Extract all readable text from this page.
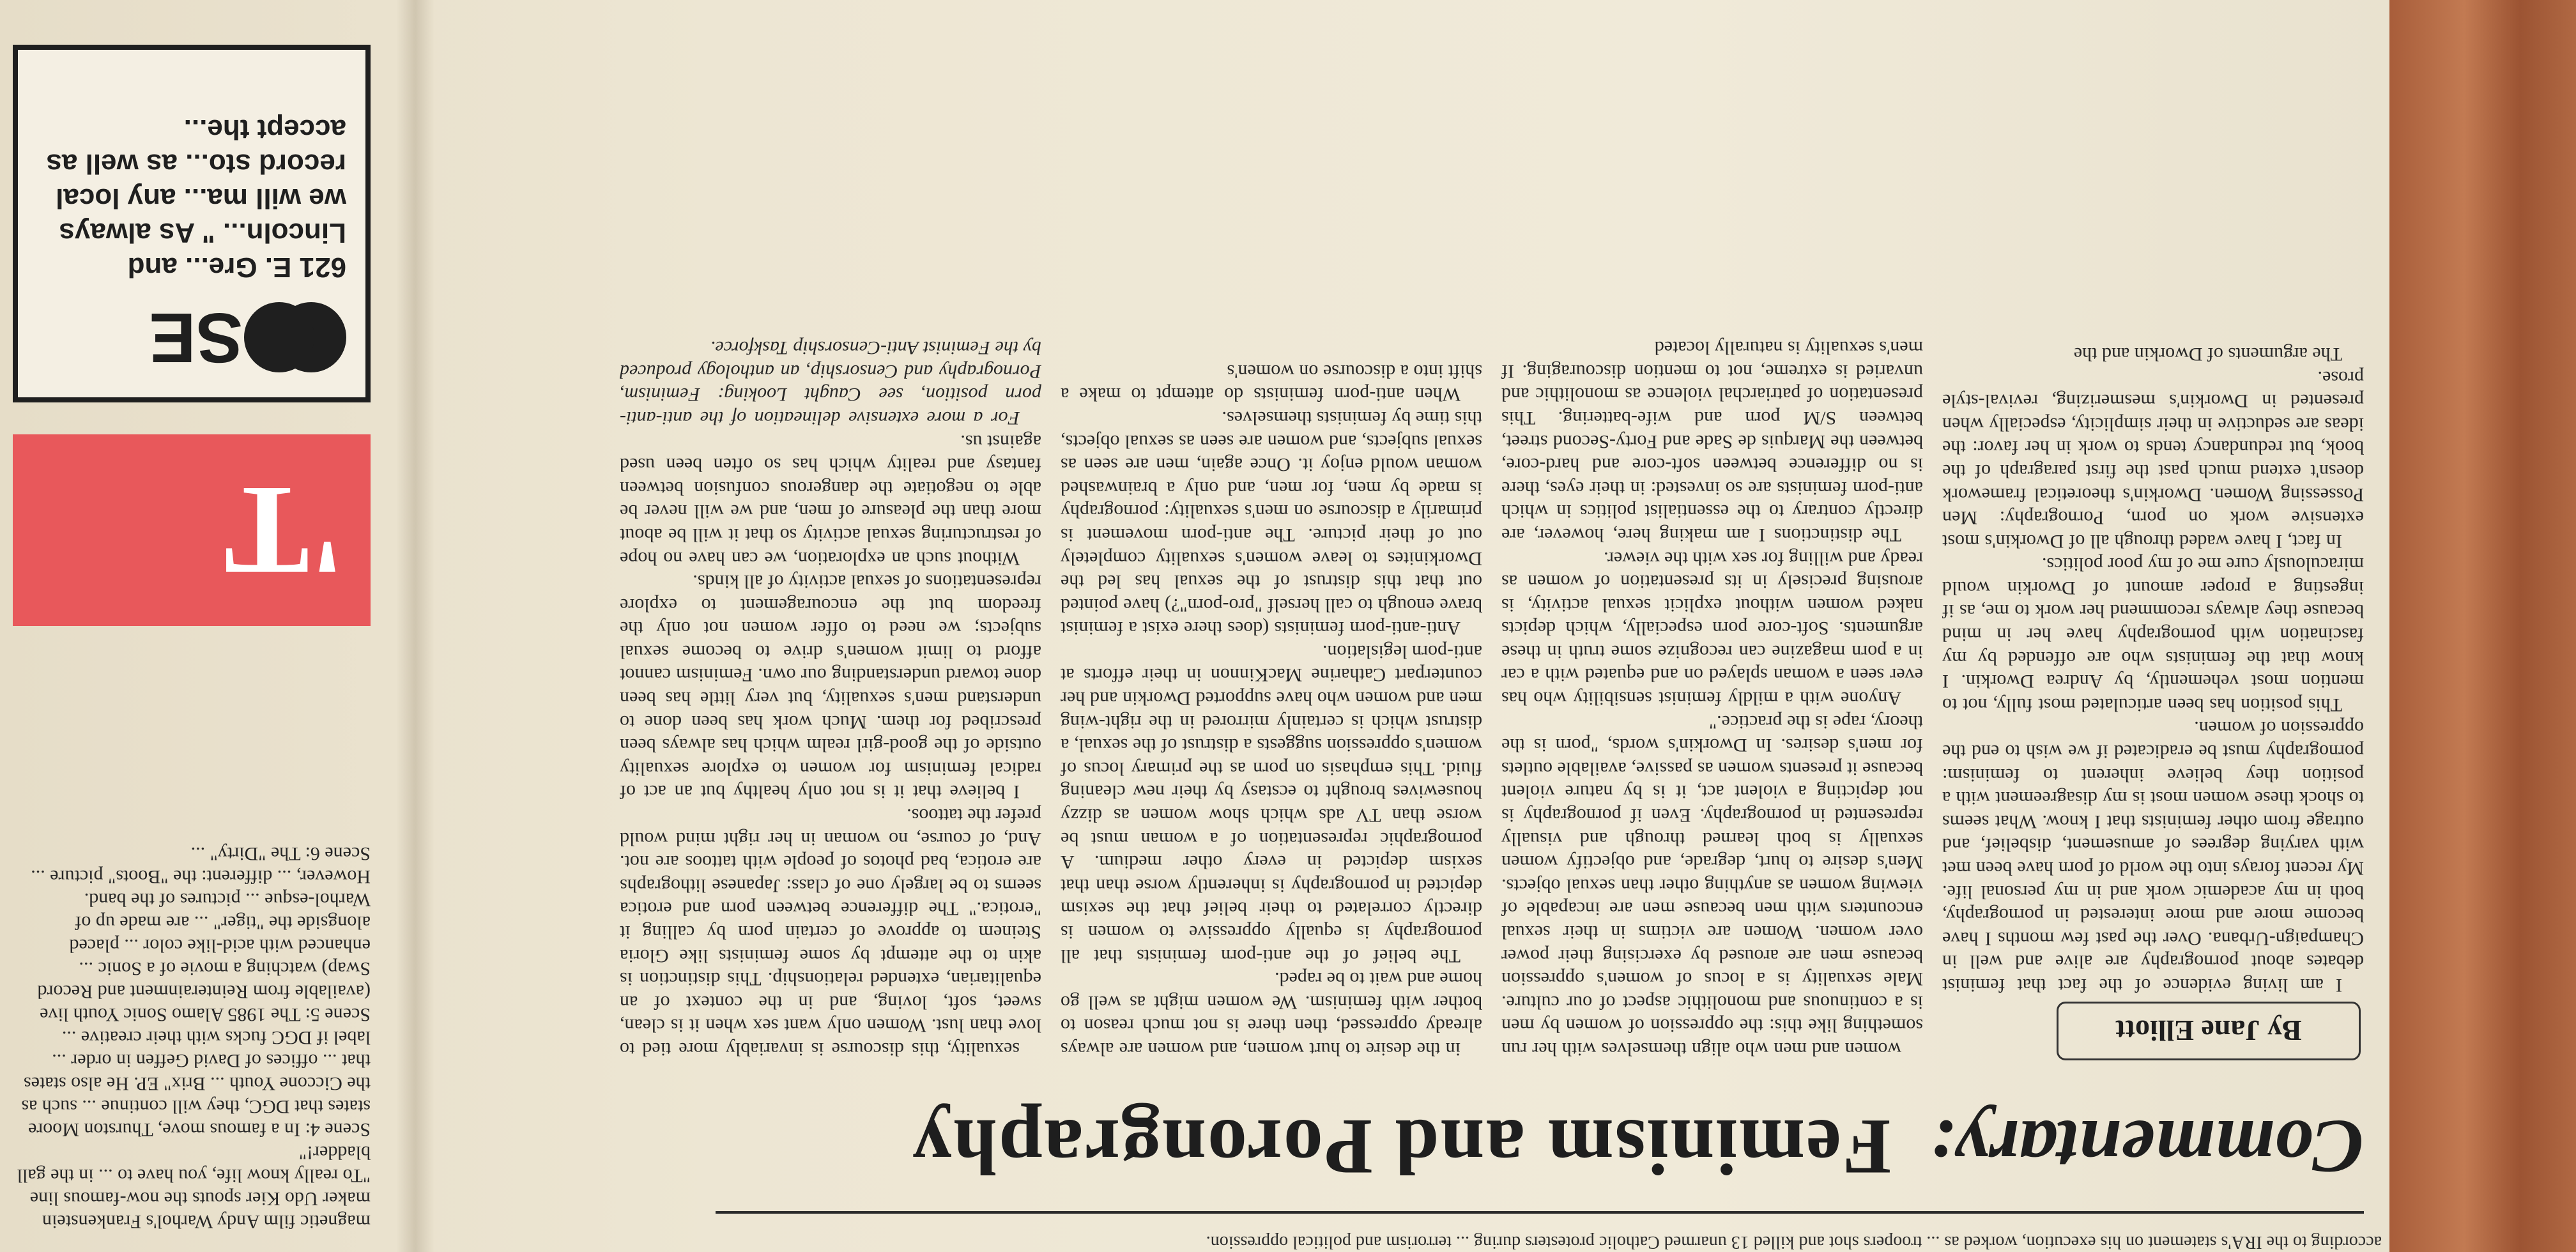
according to the IRA's statement on his execution, worked as ... troopers shot and killed 13 unarmed Catholic protesters during ... terrorism and political oppression.
Commentary:
Feminism and Porongraphy
By Jane Elliott

I am living evidence of the fact that feminist debates about pornography are alive and well in Champaign-Urbana. Over the past few months I have become more and more interested in pornography, both in my academic work and in my personal life. My recent forays into the world of porn have been met with varying degrees of amusement, disbelief, and outrage from other feminists that I know. What seems to shock these women most is my disagreement with a position they believe inherent to feminism: pornography must be eradicated if we wish to end the oppression of women.

This position has been articulated most fully, not to mention most vehemently, by Andrea Dworkin. I know that the feminists who are offended by my fascination with pornography have her in mind because they always recommend her work to me, as if ingesting a proper amount of Dworkin would miraculously cure me of my poor politics.

In fact, I have waded through all of Dworkin's most extensive work on porn, Pornography: Men Possessing Women. Dworkin's theoretical framework doesn't extend much past the first paragraph of the book, but redundancy tends to work in her favor: the ideas are seductive in their simplicity, especially when presented in Dworkin's mesmerizing, revival-style prose.

The arguments of Dworkin and the

women and men who align themselves with her run something like this: the oppression of women by men is a continuous and monolithic aspect of our culture. Male sexuality is a locus of women's oppression because men are aroused by exercising their power over women. Women are victims in their sexual encounters with men because men are incapable of viewing women as anything other than sexual objects. Men's desire to hurt, degrade, and objectify women sexually is both learned through and visually represented in pornography. Even if pornography is not depicting a violent act, it is by nature violent because it presents women as passive, available outlets for men's desires. In Dworkin's words, "porn is the theory, rape is the practice."

Anyone with a mildly feminist sensibility who has ever seen a woman splayed on and equated with a car in a porn magazine can recognize some truth in these arguments. Soft-core porn especially, which depicts naked women without explicit sexual activity, is arousing precisely in its presentation of women as ready and willing for sex with the viewer.

The distinctions I am making here, however, are directly contrary to the essentialist politics in which anti-porn feminists are so invested: in their eyes, there is no difference between soft-core and hard-core, between the Marquis de Sade and Forty-Second street, between S/M porn and wife-battering. This presentation of patriarchal violence as monolithic and unvaried is extreme, not to mention discouraging. If men's sexuality is naturally located

in the desire to hurt women, and women are always already oppressed, then there is not much reason to bother with feminism. We women might as well go home and wait to be raped.

The belief of the anti-porn feminists that all pornography is equally oppressive to women is directly correlated to their belief that the sexism depicted in pornography is inherently worse than that sexism depicted in every other medium. A pornographic representation of a woman must be worse than TV ads which show women as dizzy housewives brought to ecstasy by their new cleaning fluid. This emphasis on porn as the primary locus of women's oppression suggests a distrust of the sexual, a distrust which is certainly mirrored in the right-wing men and women who have supported Dworkin and her counterpart Catharine MacKinnon in their efforts at anti-porn legislation.

Anti-anti-porn feminists (does there exist a feminist brave enough to call herself "pro-porn"?) have pointed out that this distrust of the sexual has led the Dworkinites to leave women's sexuality completely out of their picture. The anti-porn movement is primarily a discourse on men's sexuality: pornography is made by men, for men, and only a brainwashed woman would enjoy it. Once again, men are seen as sexual subjects, and women are seen as sexual objects, this time by feminists themselves.

When anti-porn feminists do attempt to make a shift into a discourse on women's

sexuality, this discourse is invariably more tied to love than lust. Women only want sex when it is clean, sweet, soft, loving, and in the context of an equalitarian, extended relationship. This distinction is akin to the attempt by some feminists like Gloria Steinem to approve of certain porn by calling it "erotica." The difference between porn and erotica seems to be largely one of class: Japanese lithographs are erotica, bad photos of people with tattoos are not. And, of course, no woman in her right mind would prefer the tattoos.

I believe that it is not only healthy but an act of radical feminism for women to explore sexuality outside of the good-girl realm which has always been prescribed for them. Much work has been done to understand men's sexuality, but very little has been done toward understanding our own. Feminism cannot afford to limit women's drive to become sexual subjects; we need to offer women not only the freedom but the encouragement to explore representations of sexual activity of all kinds.

Without such an exploration, we can have no hope of restructuring sexual activity so that it will be about more than the pleasure of men, and we will never be able to negotiate the dangerous confusion between fantasy and reality which has so often been used against us.

For a more extensive delineation of the anti-anti-porn position, see Caught Looking: Feminism, Pornography and Censorship, an anthology produced by the Feminist Anti-Censorship Taskforce.

magnetic film Andy Warhol's Frankenstein maker Udo Kier spouts the now-famous line "To really know life, you have to ... in the gall bladder!"

Scene 4: In a famous move, Thurston Moore states that DGC, they will continue ... such as the Ciccone Youth ... Brix" EP. He also states that ... offices of David Geffen in order ... label if DGC fucks with their creative ...

Scene 5: The 1985 Alamo Sonic Youth live (available from Reinterainment and Record Swap) watching a movie of a Sonic ... enhanced with acid-like color ... placed alongside the "tiger" ... are made up of Warhol-esque ... pictures of the band. However, ... different: the "Boots" picture ...

Scene 6: The "Dirty" ...

'T
SE
621 E. Gre... and Lincoln... " As always we will ma... any local record sto... as well as accept the...
